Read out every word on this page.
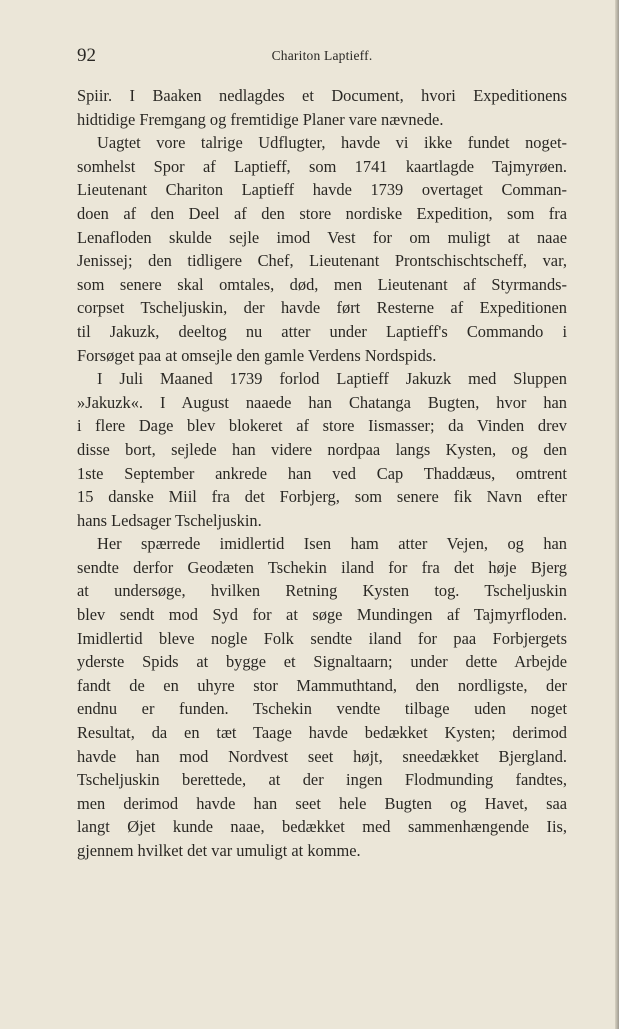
92	Chariton Laptieff.
Spiir. I Baaken nedlagdes et Document, hvori Expeditionens
hidtidige Fremgang og fremtidige Planer vare nævnede.
Uagtet vore talrige Udflugter, havde vi ikke fundet noget-
somhelst Spor af Laptieff, som 1741 kaartlagde Tajmyrøen.
Lieutenant Chariton Laptieff havde 1739 overtaget Comman-
doen af den Deel af den store nordiske Expedition, som fra
Lenafloden skulde sejle imod Vest for om muligt at naae
Jenissej; den tidligere Chef, Lieutenant Prontschischtscheff, var,
som senere skal omtales, død, men Lieutenant af Styrmands-
corpset Tscheljuskin, der havde ført Resterne af Expeditionen
til Jakuzk, deeltog nu atter under Laptieff's Commando i
Forsøget paa at omsejle den gamle Verdens Nordspids.
I Juli Maaned 1739 forlod Laptieff Jakuzk med Sluppen
»Jakuzk«. I August naaede han Chatanga Bugten, hvor han
i flere Dage blev blokeret af store Iismasser; da Vinden drev
disse bort, sejlede han videre nordpaa langs Kysten, og den
1ste September ankrede han ved Cap Thaddæus, omtrent
15 danske Miil fra det Forbjerg, som senere fik Navn efter
hans Ledsager Tscheljuskin.
Her spærrede imidlertid Isen ham atter Vejen, og han
sendte derfor Geodæten Tschekin iland for fra det høje Bjerg
at undersøge, hvilken Retning Kysten tog. Tscheljuskin
blev sendt mod Syd for at søge Mundingen af Tajmyrfloden.
Imidlertid bleve nogle Folk sendte iland for paa Forbjergets
yderste Spids at bygge et Signaltaarn; under dette Arbejde
fandt de en uhyre stor Mammuthtand, den nordligste, der
endnu er funden. Tschekin vendte tilbage uden noget
Resultat, da en tæt Taage havde bedækket Kysten; derimod
havde han mod Nordvest seet højt, sneedækket Bjergland.
Tscheljuskin berettede, at der ingen Flodmunding fandtes,
men derimod havde han seet hele Bugten og Havet, saa
langt Øjet kunde naae, bedækket med sammenhængende Iis,
gjennem hvilket det var umuligt at komme.
